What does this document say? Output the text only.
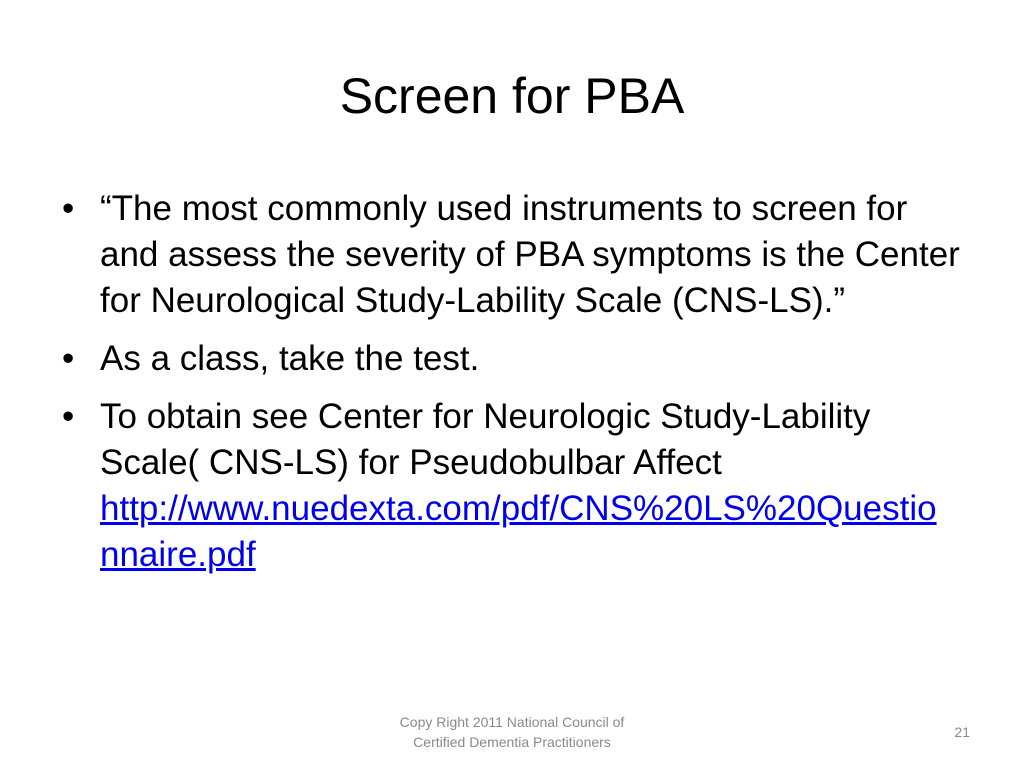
Screen for PBA
• “The most commonly used instruments to screen for and assess the severity of PBA symptoms is the Center for Neurological Study-Lability Scale (CNS-LS).”
• As a class, take the test.
• To obtain see Center for Neurologic Study-Lability Scale( CNS-LS) for Pseudobulbar Affect
http://www.nuedexta.com/pdf/CNS%20LS%20Questionnaire.pdf
Copy Right 2011 National Council of
Certified Dementia Practitioners
21
